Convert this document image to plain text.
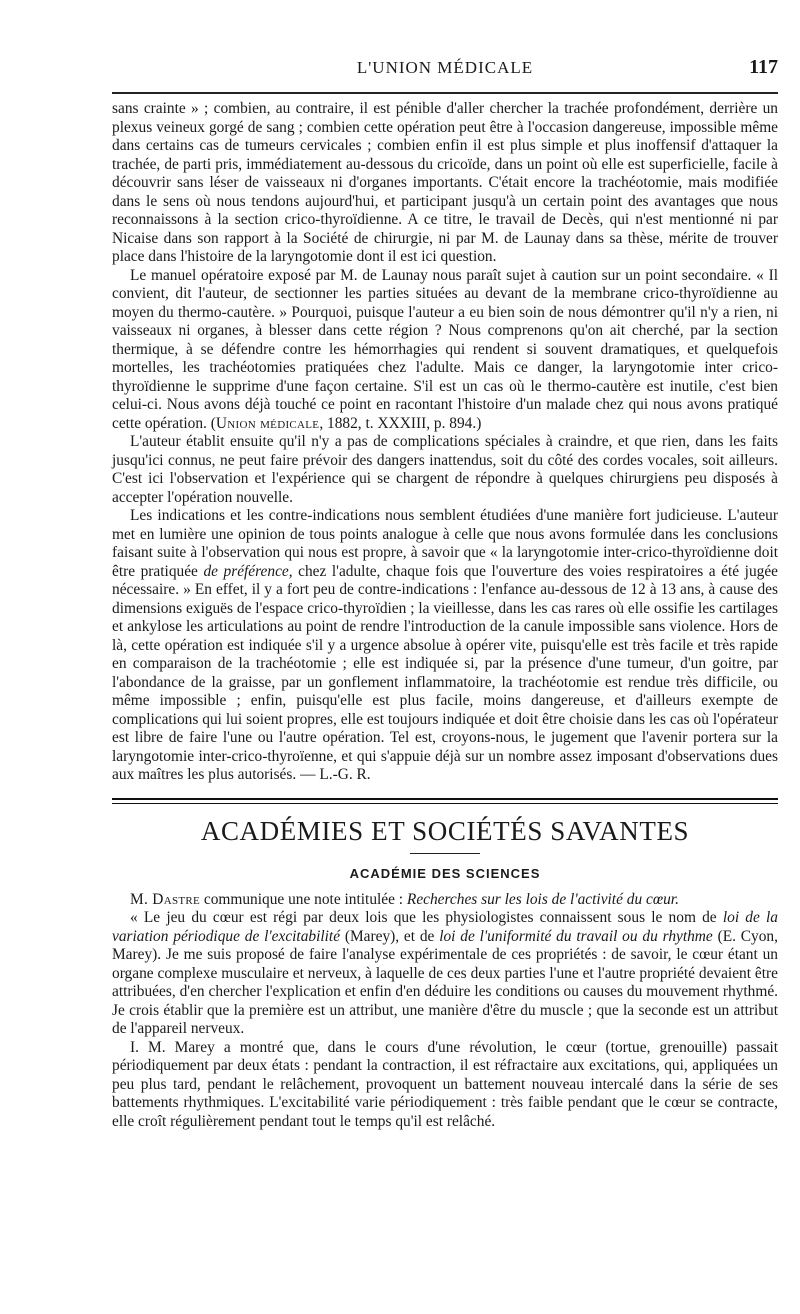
L'UNION MÉDICALE	117

sans crainte » ; combien, au contraire, il est pénible d'aller chercher la trachée profondément, derrière un plexus veineux gorgé de sang ; combien cette opération peut être à l'occasion dangereuse, impossible même dans certains cas de tumeurs cervicales ; combien enfin il est plus simple et plus inoffensif d'attaquer la trachée, de parti pris, immédiatement au-dessous du cricoïde, dans un point où elle est superficielle, facile à découvrir sans léser de vaisseaux ni d'organes importants. C'était encore la trachéotomie, mais modifiée dans le sens où nous tendons aujourd'hui, et participant jusqu'à un certain point des avantages que nous reconnaissons à la section crico-thyroïdienne. A ce titre, le travail de Decès, qui n'est mentionné ni par Nicaise dans son rapport à la Société de chirurgie, ni par M. de Launay dans sa thèse, mérite de trouver place dans l'histoire de la laryngotomie dont il est ici question.

Le manuel opératoire exposé par M. de Launay nous paraît sujet à caution sur un point secondaire. « Il convient, dit l'auteur, de sectionner les parties situées au devant de la membrane crico-thyroïdienne au moyen du thermo-cautère. » Pourquoi, puisque l'auteur a eu bien soin de nous démontrer qu'il n'y a rien, ni vaisseaux ni organes, à blesser dans cette région ? Nous comprenons qu'on ait cherché, par la section thermique, à se défendre contre les hémorrhagies qui rendent si souvent dramatiques, et quelquefois mortelles, les trachéotomies pratiquées chez l'adulte. Mais ce danger, la laryngotomie inter crico-thyroïdienne le supprime d'une façon certaine. S'il est un cas où le thermo-cautère est inutile, c'est bien celui-ci. Nous avons déjà touché ce point en racontant l'histoire d'un malade chez qui nous avons pratiqué cette opération. (Union médicale, 1882, t. XXXIII, p. 894.)

L'auteur établit ensuite qu'il n'y a pas de complications spéciales à craindre, et que rien, dans les faits jusqu'ici connus, ne peut faire prévoir des dangers inattendus, soit du côté des cordes vocales, soit ailleurs. C'est ici l'observation et l'expérience qui se chargent de répondre à quelques chirurgiens peu disposés à accepter l'opération nouvelle.

Les indications et les contre-indications nous semblent étudiées d'une manière fort judicieuse. L'auteur met en lumière une opinion de tous points analogue à celle que nous avons formulée dans les conclusions faisant suite à l'observation qui nous est propre, à savoir que « la laryngotomie inter-crico-thyroïdienne doit être pratiquée de préférence, chez l'adulte, chaque fois que l'ouverture des voies respiratoires a été jugée nécessaire. » En effet, il y a fort peu de contre-indications : l'enfance au-dessous de 12 à 13 ans, à cause des dimensions exiguës de l'espace crico-thyroïdien ; la vieillesse, dans les cas rares où elle ossifie les cartilages et ankylose les articulations au point de rendre l'introduction de la canule impossible sans violence. Hors de là, cette opération est indiquée s'il y a urgence absolue à opérer vite, puisqu'elle est très facile et très rapide en comparaison de la trachéotomie ; elle est indiquée si, par la présence d'une tumeur, d'un goitre, par l'abondance de la graisse, par un gonflement inflammatoire, la trachéotomie est rendue très difficile, ou même impossible ; enfin, puisqu'elle est plus facile, moins dangereuse, et d'ailleurs exempte de complications qui lui soient propres, elle est toujours indiquée et doit être choisie dans les cas où l'opérateur est libre de faire l'une ou l'autre opération. Tel est, croyons-nous, le jugement que l'avenir portera sur la laryngotomie inter-crico-thyroïenne, et qui s'appuie déjà sur un nombre assez imposant d'observations dues aux maîtres les plus autorisés. — L.-G. R.

ACADÉMIES ET SOCIÉTÉS SAVANTES
ACADÉMIE DES SCIENCES

M. Dastre communique une note intitulée : Recherches sur les lois de l'activité du cœur.

« Le jeu du cœur est régi par deux lois que les physiologistes connaissent sous le nom de loi de la variation périodique de l'excitabilité (Marey), et de loi de l'uniformité du travail ou du rhythme (E. Cyon, Marey). Je me suis proposé de faire l'analyse expérimentale de ces propriétés : de savoir, le cœur étant un organe complexe musculaire et nerveux, à laquelle de ces deux parties l'une et l'autre propriété devaient être attribuées, d'en chercher l'explication et enfin d'en déduire les conditions ou causes du mouvement rhythmé. Je crois établir que la première est un attribut, une manière d'être du muscle ; que la seconde est un attribut de l'appareil nerveux.

I. M. Marey a montré que, dans le cours d'une révolution, le cœur (tortue, grenouille) passait périodiquement par deux états : pendant la contraction, il est réfractaire aux excitations, qui, appliquées un peu plus tard, pendant le relâchement, provoquent un battement nouveau intercalé dans la série de ses battements rhythmiques. L'excitabilité varie périodiquement : très faible pendant que le cœur se contracte, elle croît régulièrement pendant tout le temps qu'il est relâché.
